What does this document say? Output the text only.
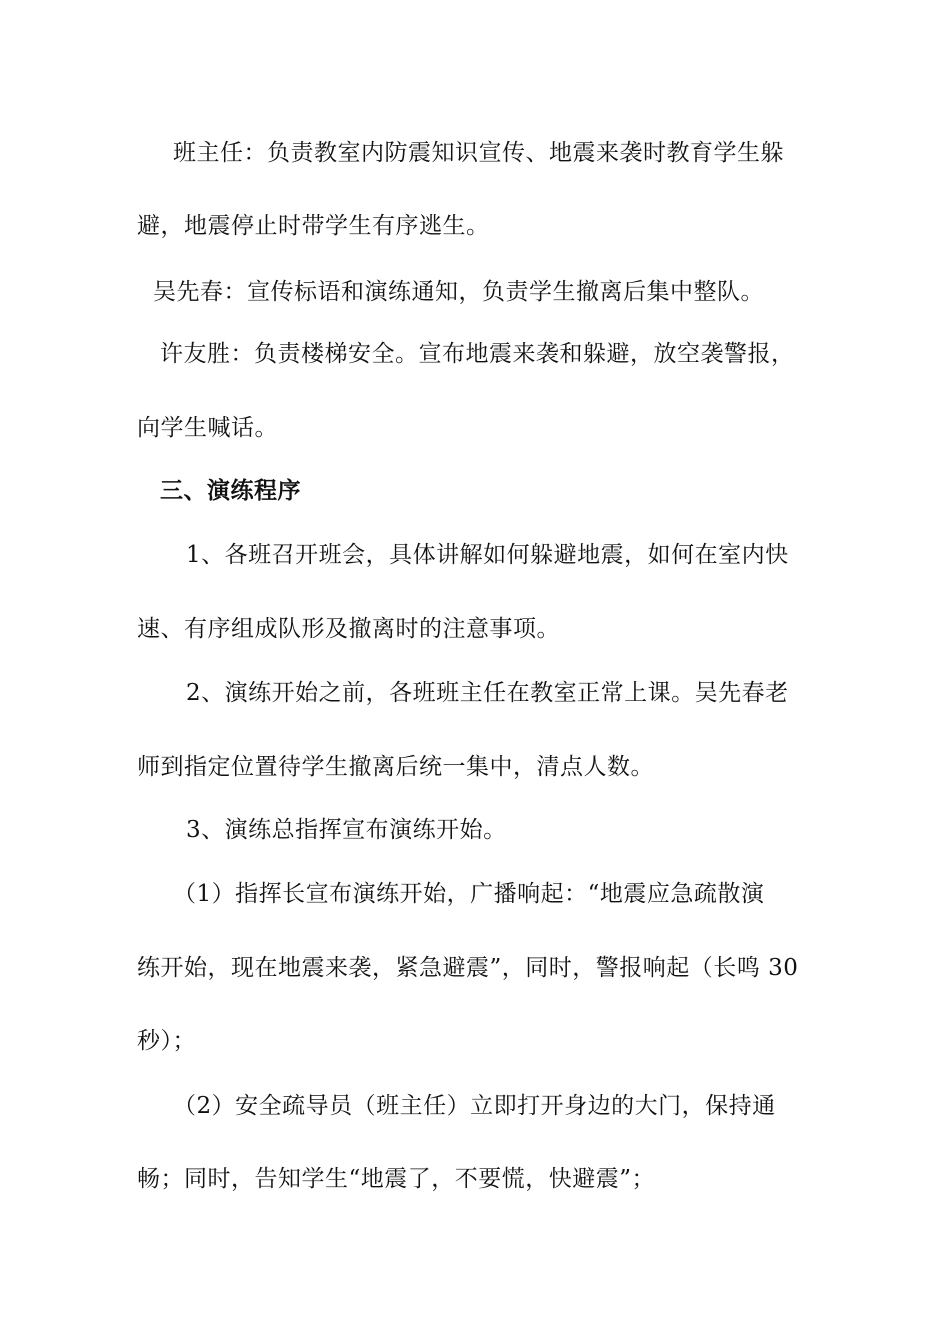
班主任：负责教室内防震知识宣传、地震来袭时教育学生躲
避，地震停止时带学生有序逃生。
吴先春：宣传标语和演练通知，负责学生撤离后集中整队。
许友胜：负责楼梯安全。宣布地震来袭和躲避，放空袭警报，
向学生喊话。
三、演练程序
1、各班召开班会，具体讲解如何躲避地震，如何在室内快
速、有序组成队形及撤离时的注意事项。
2、演练开始之前，各班班主任在教室正常上课。吴先春老
师到指定位置待学生撤离后统一集中，清点人数。
3、演练总指挥宣布演练开始。
（1）指挥长宣布演练开始，广播响起：“地震应急疏散演
练开始，现在地震来袭，紧急避震”，同时，警报响起（长鸣 30
秒）；
（2）安全疏导员（班主任）立即打开身边的大门，保持通
畅；同时，告知学生“地震了，不要慌，快避震”；
